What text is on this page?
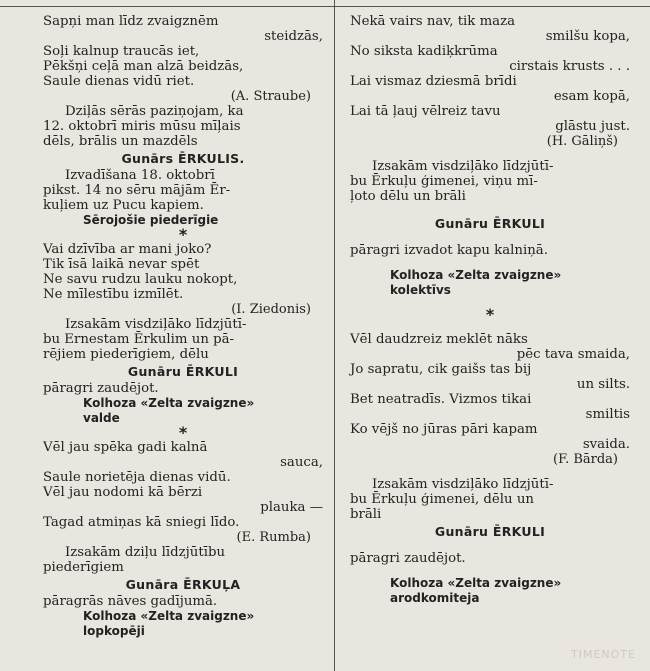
Sapņi man līdz zvaigznēm

steidzās,

Soļi kalnup traucās iet,

Pēkšņi ceļā man alzā beidzās,

Saule dienas vidū riet.

(A. Straube)

Dziļās sērās paziņojam, ka

12. oktobrī miris mūsu mīļais

dēls, brālis un mazdēls

Gunārs ĒRKULIS.

Izvadīšana 18. oktobrī

pikst. 14 no sēru mājām Ēr-

kuļiem uz Pucu kapiem.

Sērojošie piederīgie

*

Vai dzīvība ar mani joko?

Tik īsā laikā nevar spēt

Ne savu rudzu lauku nokopt,

Ne mīlestību izmīlēt.

(I. Ziedonis)

Izsakām visdziļāko līdzjūtī-

bu Ernestam Ērkulim un pā-

rējiem piederīgiem, dēlu

Gunāru ĒRKULI

pāragri zaudējot.

Kolhoza «Zelta zvaigzne»

valde

*

Vēl jau spēka gadi kalnā

sauca,

Saule norietēja dienas vidū.

Vēl jau nodomi kā bērzi

plauka —

Tagad atmiņas kā sniegi līdo.

(E. Rumba)

Izsakām dziļu līdzjūtību

piederīgiem

Gunāra ĒRKUĻA

pāragrās nāves gadījumā.

Kolhoza «Zelta zvaigzne»

lopkopēji

Nekā vairs nav, tik maza

smilšu kopa,

No siksta kadiķkrūma

cirstais krusts . . .

Lai vismaz dziesmā brīdi

esam kopā,

Lai tā ļauj vēlreiz tavu

glāstu just.

(H. Gāliņš)

Izsakām visdziļāko līdzjūtī-

bu Ērkuļu ģimenei, viņu mī-

ļoto dēlu un brāli

Gunāru ĒRKULI

pāragri izvadot kapu kalniņā.

Kolhoza «Zelta zvaigzne»

kolektīvs

*

Vēl daudzreiz meklēt nāks

pēc tava smaida,

Jo sapratu, cik gaišs tas bij

un silts.

Bet neatradīs. Vizmos tikai

smiltis

Ko vējš no jūras pāri kapam

svaida.

(F. Bārda)

Izsakām visdziļāko līdzjūtī-

bu Ērkuļu ģimenei, dēlu un

brāli

Gunāru ĒRKULI

pāragri zaudējot.

Kolhoza «Zelta zvaigzne»

arodkomiteja

TIMENOTE
